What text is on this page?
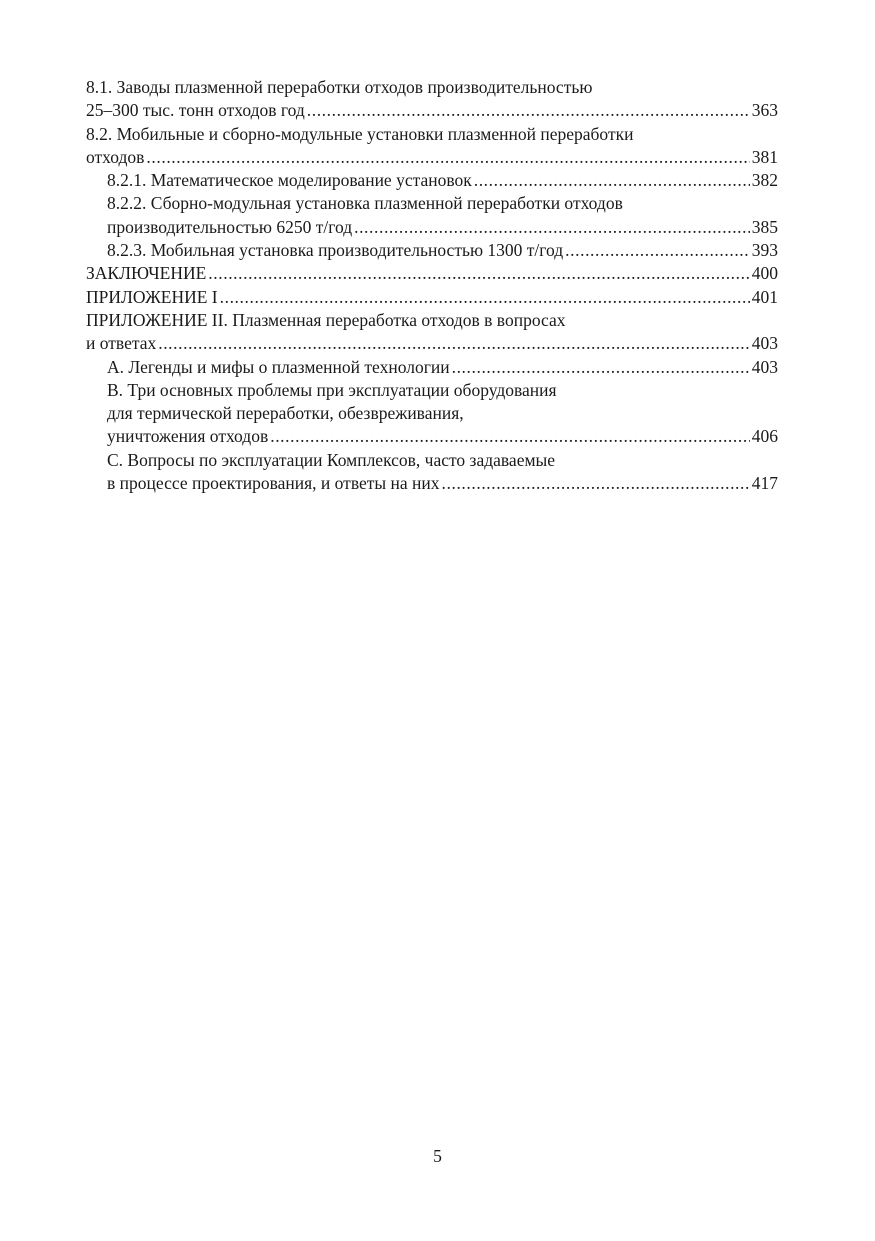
8.1. Заводы плазменной переработки отходов производительностью
25–300 тыс. тонн отходов год .....	363
8.2. Мобильные и сборно-модульные установки плазменной переработки
отходов .....	381
8.2.1. Математическое моделирование установок .....	382
8.2.2. Сборно-модульная установка плазменной переработки отходов
производительностью 6250 т/год .....	385
8.2.3. Мобильная установка производительностью 1300 т/год .....	393
ЗАКЛЮЧЕНИЕ .....	400
ПРИЛОЖЕНИЕ I .....	401
ПРИЛОЖЕНИЕ II. Плазменная переработка отходов в вопросах
и ответах .....	403
A. Легенды и мифы о плазменной технологии .....	403
B. Три основных проблемы при эксплуатации оборудования
для термической переработки, обезвреживания,
уничтожения отходов .....	406
C. Вопросы по эксплуатации Комплексов, часто задаваемые
в процессе проектирования, и ответы на них .....	417
5
